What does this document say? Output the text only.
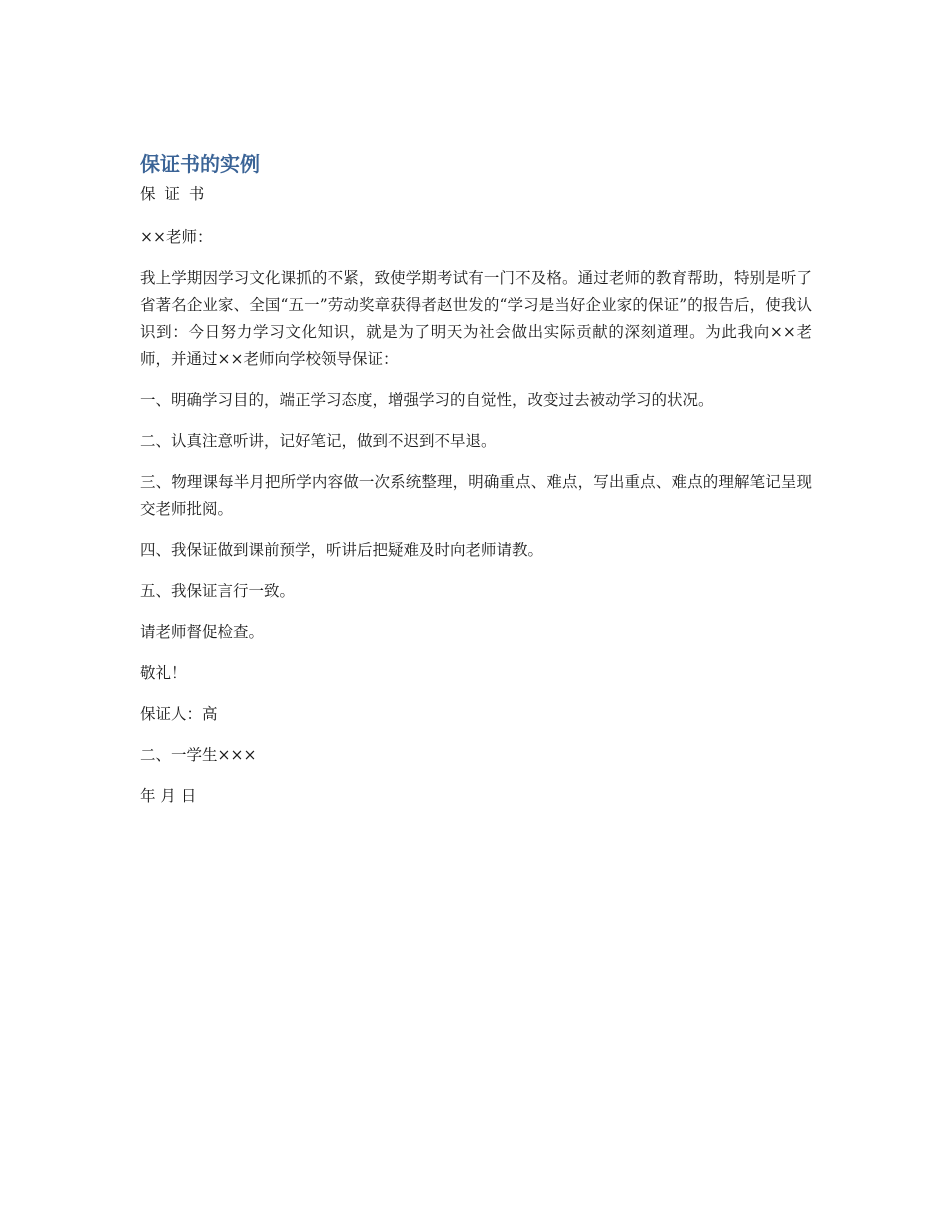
保证书的实例
保 证 书

××老师：

我上学期因学习文化课抓的不紧，致使学期考试有一门不及格。通过老师的教育帮助，特别是听了省著名企业家、全国“五一”劳动奖章获得者赵世发的“学习是当好企业家的保证”的报告后，使我认识到：今日努力学习文化知识，就是为了明天为社会做出实际贡献的深刻道理。为此我向××老师，并通过××老师向学校领导保证：

一、明确学习目的，端正学习态度，增强学习的自觉性，改变过去被动学习的状况。

二、认真注意听讲，记好笔记，做到不迟到不早退。

三、物理课每半月把所学内容做一次系统整理，明确重点、难点，写出重点、难点的理解笔记呈现交老师批阅。

四、我保证做到课前预学，听讲后把疑难及时向老师请教。

五、我保证言行一致。

请老师督促检查。

敬礼！

保证人：高

二、一学生×××

年 月 日
